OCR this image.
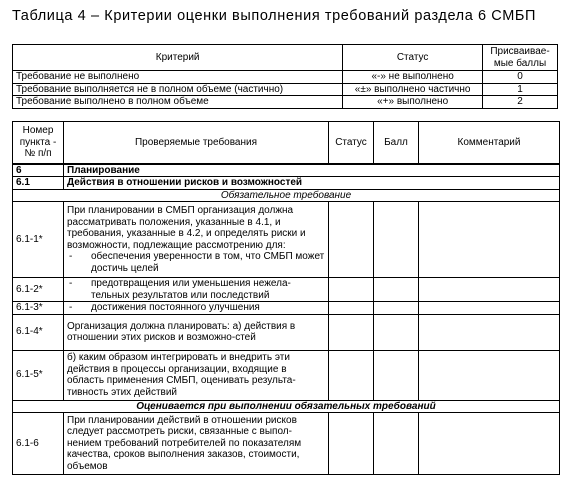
Таблица 4 – Критерии оценки выполнения требований раздела 6 СМБП
Критерий	Статус	Присваивае-мые баллы
Требование не выполнено	«-» не выполнено	0
Требование выполняется не в полном объеме (частично)	«±» выполнено частично	1
Требование выполнено в полном объеме	«+» выполнено	2
Номер пункта - № п/п	Проверяемые требования	Статус	Балл	Комментарий
6	Планирование			
6.1	Действия в отношении рисков и возможностей			
Обязательное требование				
6.1-1*	При планировании в СМБП организация должна рассматривать положения, указанные в 4.1, и требования, указанные в 4.2, и определять риски и возможности, подлежащие рассмотрению для:
- обеспечения уверенности в том, что СМБП может достичь целей			

6.1-2*	- предотвращения или уменьшения нежела-тельных результатов или последствий			

6.1-3*	- достижения постоянного улучшения			

6.1-4*	Организация должна планировать: а) действия в отношении этих рисков и возможно-стей			
6.1-5*	б) каким образом интегрировать и внедрить эти действия в процессы организации, входящие в область применения СМБП, оценивать результа-тивность этих действий			
Оценивается при выполнении обязательных требований				
6.1-6	При планировании действий в отношении рисков следует рассмотреть риски, связанные с выпол-нением требований потребителей по показателям качества, сроков выполнения заказов, стоимости, объемов			
